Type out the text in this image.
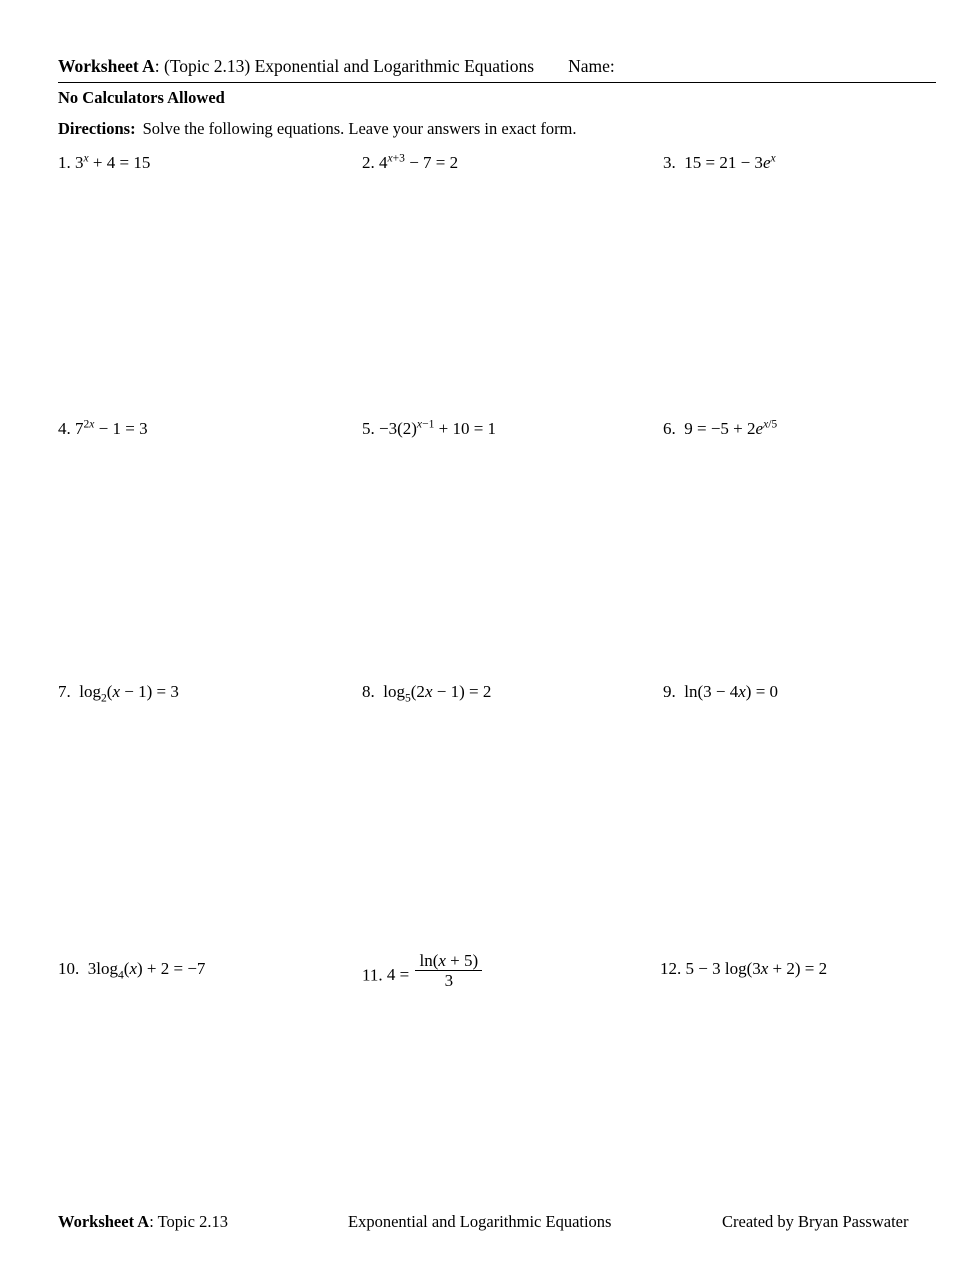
Worksheet A: (Topic 2.13) Exponential and Logarithmic Equations Name:
No Calculators Allowed
Directions: Solve the following equations. Leave your answers in exact form.
1. $3^x + 4 = 15$	2. $4^{x+3} - 7 = 2$	3. $15 = 21 - 3e^x$
4. $7^{2x} - 1 = 3$	5. $-3(2)^{x-1} + 10 = 1$	6. $9 = -5 + 2e^{x/5}$
7. $\log_2(x - 1) = 3$	8. $\log_5(2x - 1) = 2$	9. ln(3 − 4x) = 0
10. $3\log_4(x) + 2 = -7$	11. $4 = \frac{\ln(x + 5)}{3}$	12. 5 − 3 log(3x + 2) = 2
Worksheet A: Topic 2.13	Exponential and Logarithmic Equations	Created by Bryan Passwater
